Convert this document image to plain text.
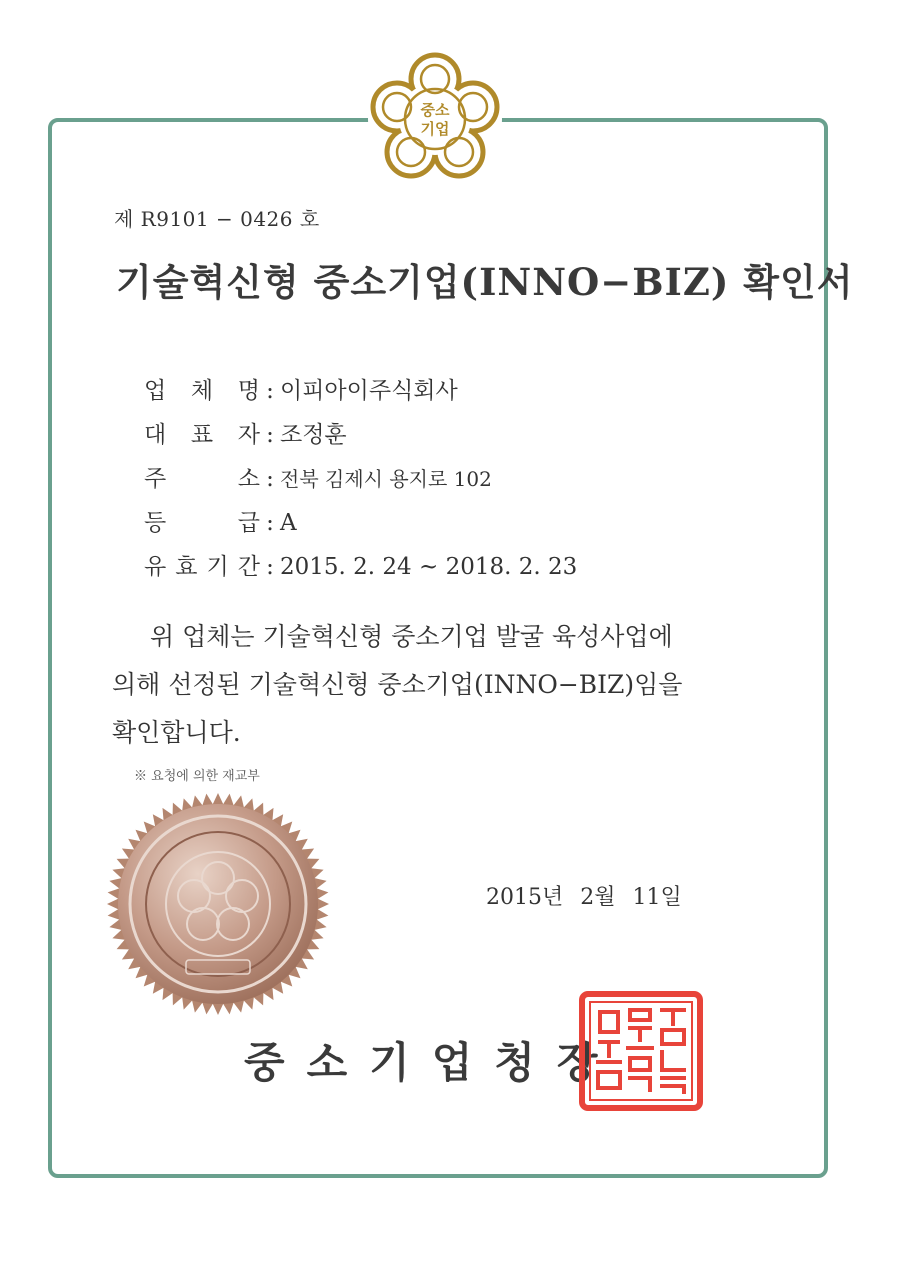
중소
기업
제 R9101 − 0426 호
기술혁신형 중소기업(INNO−BIZ) 확인서
업 체 명 : 이피아이주식회사
대 표 자 : 조정훈
주	소 : 전북 김제시 용지로 102
등	급 : A
유 효 기 간 : 2015. 2. 24 ~ 2018. 2. 23

위 업체는 기술혁신형 중소기업 발굴 육성사업에

의해 선정된 기술혁신형 중소기업(INNO−BIZ)임을

확인합니다.

※ 요청에 의한 재교부
2015년 2월 11일
중소기업청장
